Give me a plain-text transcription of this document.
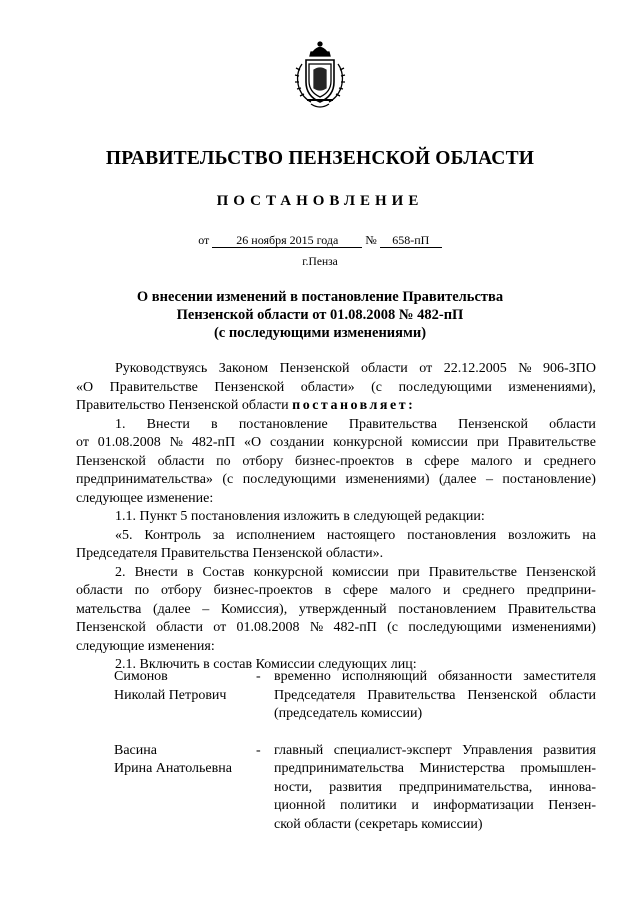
ПРАВИТЕЛЬСТВО ПЕНЗЕНСКОЙ ОБЛАСТИ
ПОСТАНОВЛЕНИЕ
от 26 ноября 2015 года № 658-пП
г.Пенза
О внесении изменений в постановление Правительства
Пензенской области от 01.08.2008 № 482-пП
(с последующими изменениями)
Руководствуясь Законом Пензенской области от 22.12.2005 № 906-ЗПО
«О Правительстве Пензенской области» (с последующими изменениями),
Правительство Пензенской области
постановляет:
1. Внести в постановление Правительства Пензенской области
от 01.08.2008 № 482-пП «О создании конкурсной комиссии при Правительстве
Пензенской области по отбору бизнес-проектов в сфере малого и среднего
предпринимательства» (с последующими изменениями) (далее – постановление)
следующее изменение:
1.1. Пункт 5 постановления изложить в следующей редакции:
«5. Контроль за исполнением настоящего постановления возложить на
Председателя Правительства Пензенской области».
2. Внести в Состав конкурсной комиссии при Правительстве Пензенской
области по отбору бизнес-проектов в сфере малого и среднего предприни-
мательства (далее – Комиссия), утвержденный постановлением Правительства
Пензенской области от 01.08.2008 № 482-пП (с последующими изменениями)
следующие изменения:
2.1. Включить в состав Комиссии следующих лиц:
Симонов
Николай Петрович
- временно исполняющий обязанности заместителя
Председателя Правительства Пензенской области
(председатель комиссии)
Васина
Ирина Анатольевна
- главный специалист-эксперт Управления развития
предпринимательства Министерства промышлен-
ности, развития предпринимательства, иннова-
ционной политики и информатизации Пензен-
ской области (секретарь комиссии)
